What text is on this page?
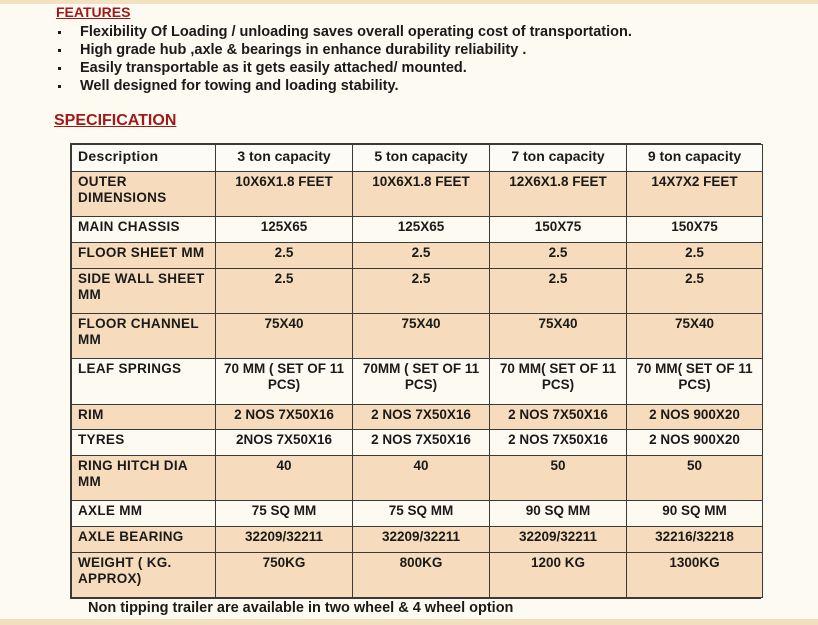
FEATURES
Flexibility Of Loading / unloading saves overall operating cost of transportation.
High grade hub ,axle & bearings in enhance durability reliability .
Easily transportable as it gets easily attached/ mounted.
Well designed for towing and loading stability.
SPECIFICATION
Description	3 ton capacity	5 ton capacity	7 ton capacity	9 ton capacity
OUTER DIMENSIONS	10X6X1.8 FEET	10X6X1.8 FEET	12X6X1.8 FEET	14X7X2 FEET
MAIN CHASSIS	125X65	125X65	150X75	150X75
FLOOR SHEET MM	2.5	2.5	2.5	2.5
SIDE WALL SHEET MM	2.5	2.5	2.5	2.5
FLOOR CHANNEL MM	75X40	75X40	75X40	75X40
LEAF SPRINGS	70 MM ( SET OF 11 PCS)	70MM ( SET OF 11 PCS)	70 MM( SET OF 11 PCS)	70 MM( SET OF 11 PCS)
RIM	2 NOS 7X50X16	2 NOS 7X50X16	2 NOS 7X50X16	2 NOS 900X20
TYRES	2NOS 7X50X16	2 NOS 7X50X16	2 NOS 7X50X16	2 NOS 900X20
RING HITCH DIA MM	40	40	50	50
AXLE MM	75 SQ MM	75 SQ MM	90 SQ MM	90 SQ MM
AXLE BEARING	32209/32211	32209/32211	32209/32211	32216/32218
WEIGHT ( KG. APPROX)	750KG	800KG	1200 KG	1300KG
Non tipping trailer are available in two wheel & 4 wheel option
